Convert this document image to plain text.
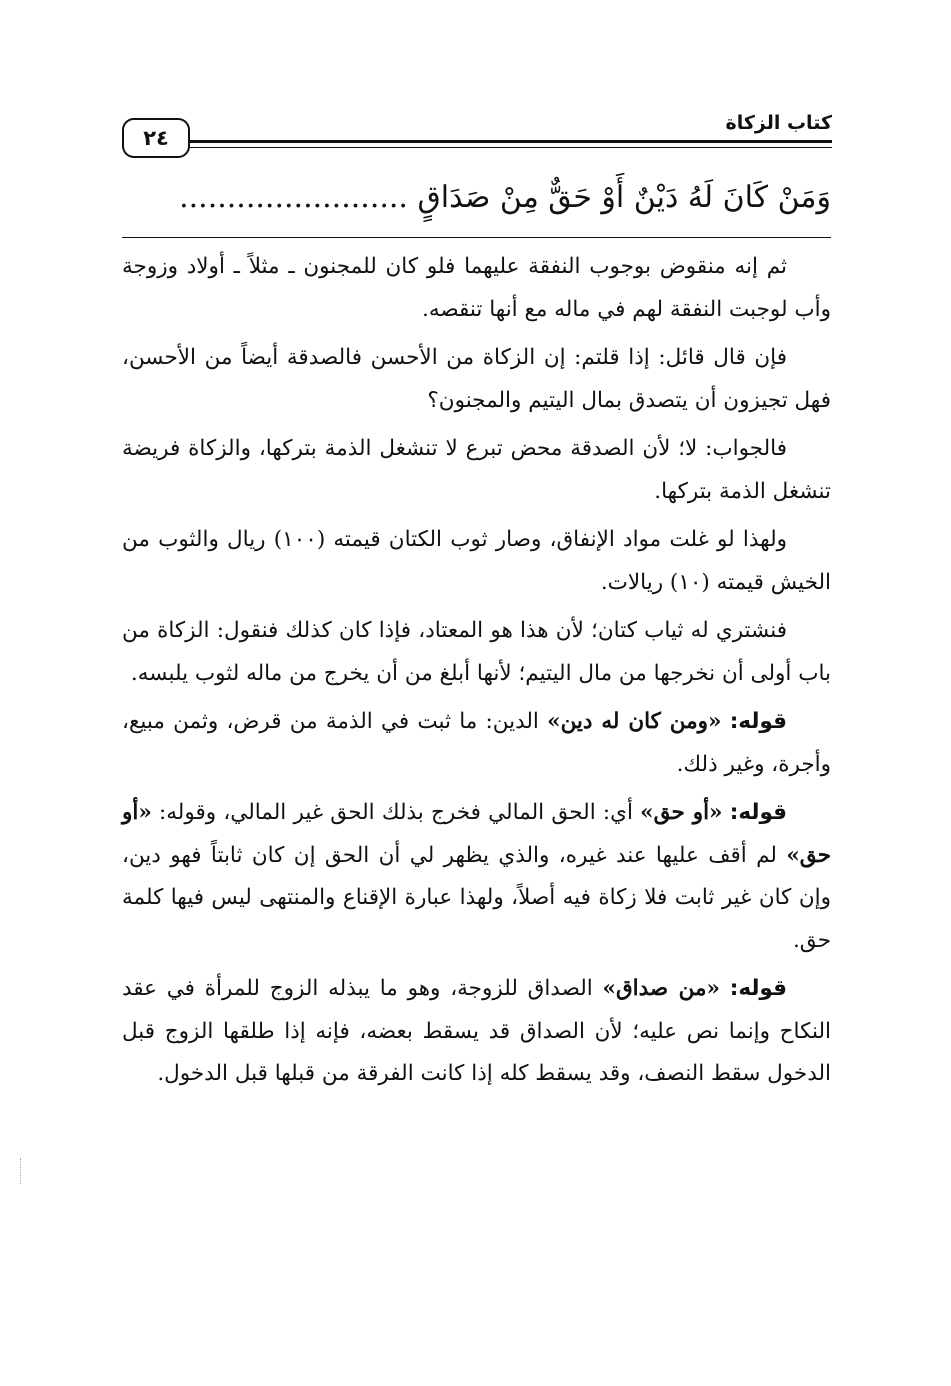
كتاب الزكاة
٢٤
وَمَنْ كَانَ لَهُ دَيْنٌ أَوْ حَقٌّ مِنْ صَدَاقٍ ........................

ثم إنه منقوض بوجوب النفقة عليهما فلو كان للمجنون ـ مثلاً ـ أولاد وزوجة وأب لوجبت النفقة لهم في ماله مع أنها تنقصه.

فإن قال قائل: إذا قلتم: إن الزكاة من الأحسن فالصدقة أيضاً من الأحسن، فهل تجيزون أن يتصدق بمال اليتيم والمجنون؟

فالجواب: لا؛ لأن الصدقة محض تبرع لا تنشغل الذمة بتركها، والزكاة فريضة تنشغل الذمة بتركها.

ولهذا لو غلت مواد الإنفاق، وصار ثوب الكتان قيمته (١٠٠) ريال والثوب من الخيش قيمته (١٠) ريالات.

فنشتري له ثياب كتان؛ لأن هذا هو المعتاد، فإذا كان كذلك فنقول: الزكاة من باب أولى أن نخرجها من مال اليتيم؛ لأنها أبلغ من أن يخرج من ماله لثوب يلبسه.

قوله: «ومن كان له دين» الدين: ما ثبت في الذمة من قرض، وثمن مبيع، وأجرة، وغير ذلك.

قوله: «أو حق» أي: الحق المالي فخرج بذلك الحق غير المالي، وقوله: «أو حق» لم أقف عليها عند غيره، والذي يظهر لي أن الحق إن كان ثابتاً فهو دين، وإن كان غير ثابت فلا زكاة فيه أصلاً، ولهذا عبارة الإقناع والمنتهى ليس فيها كلمة حق.

قوله: «من صداق» الصداق للزوجة، وهو ما يبذله الزوج للمرأة في عقد النكاح وإنما نص عليه؛ لأن الصداق قد يسقط بعضه، فإنه إذا طلقها الزوج قبل الدخول سقط النصف، وقد يسقط كله إذا كانت الفرقة من قبلها قبل الدخول.
